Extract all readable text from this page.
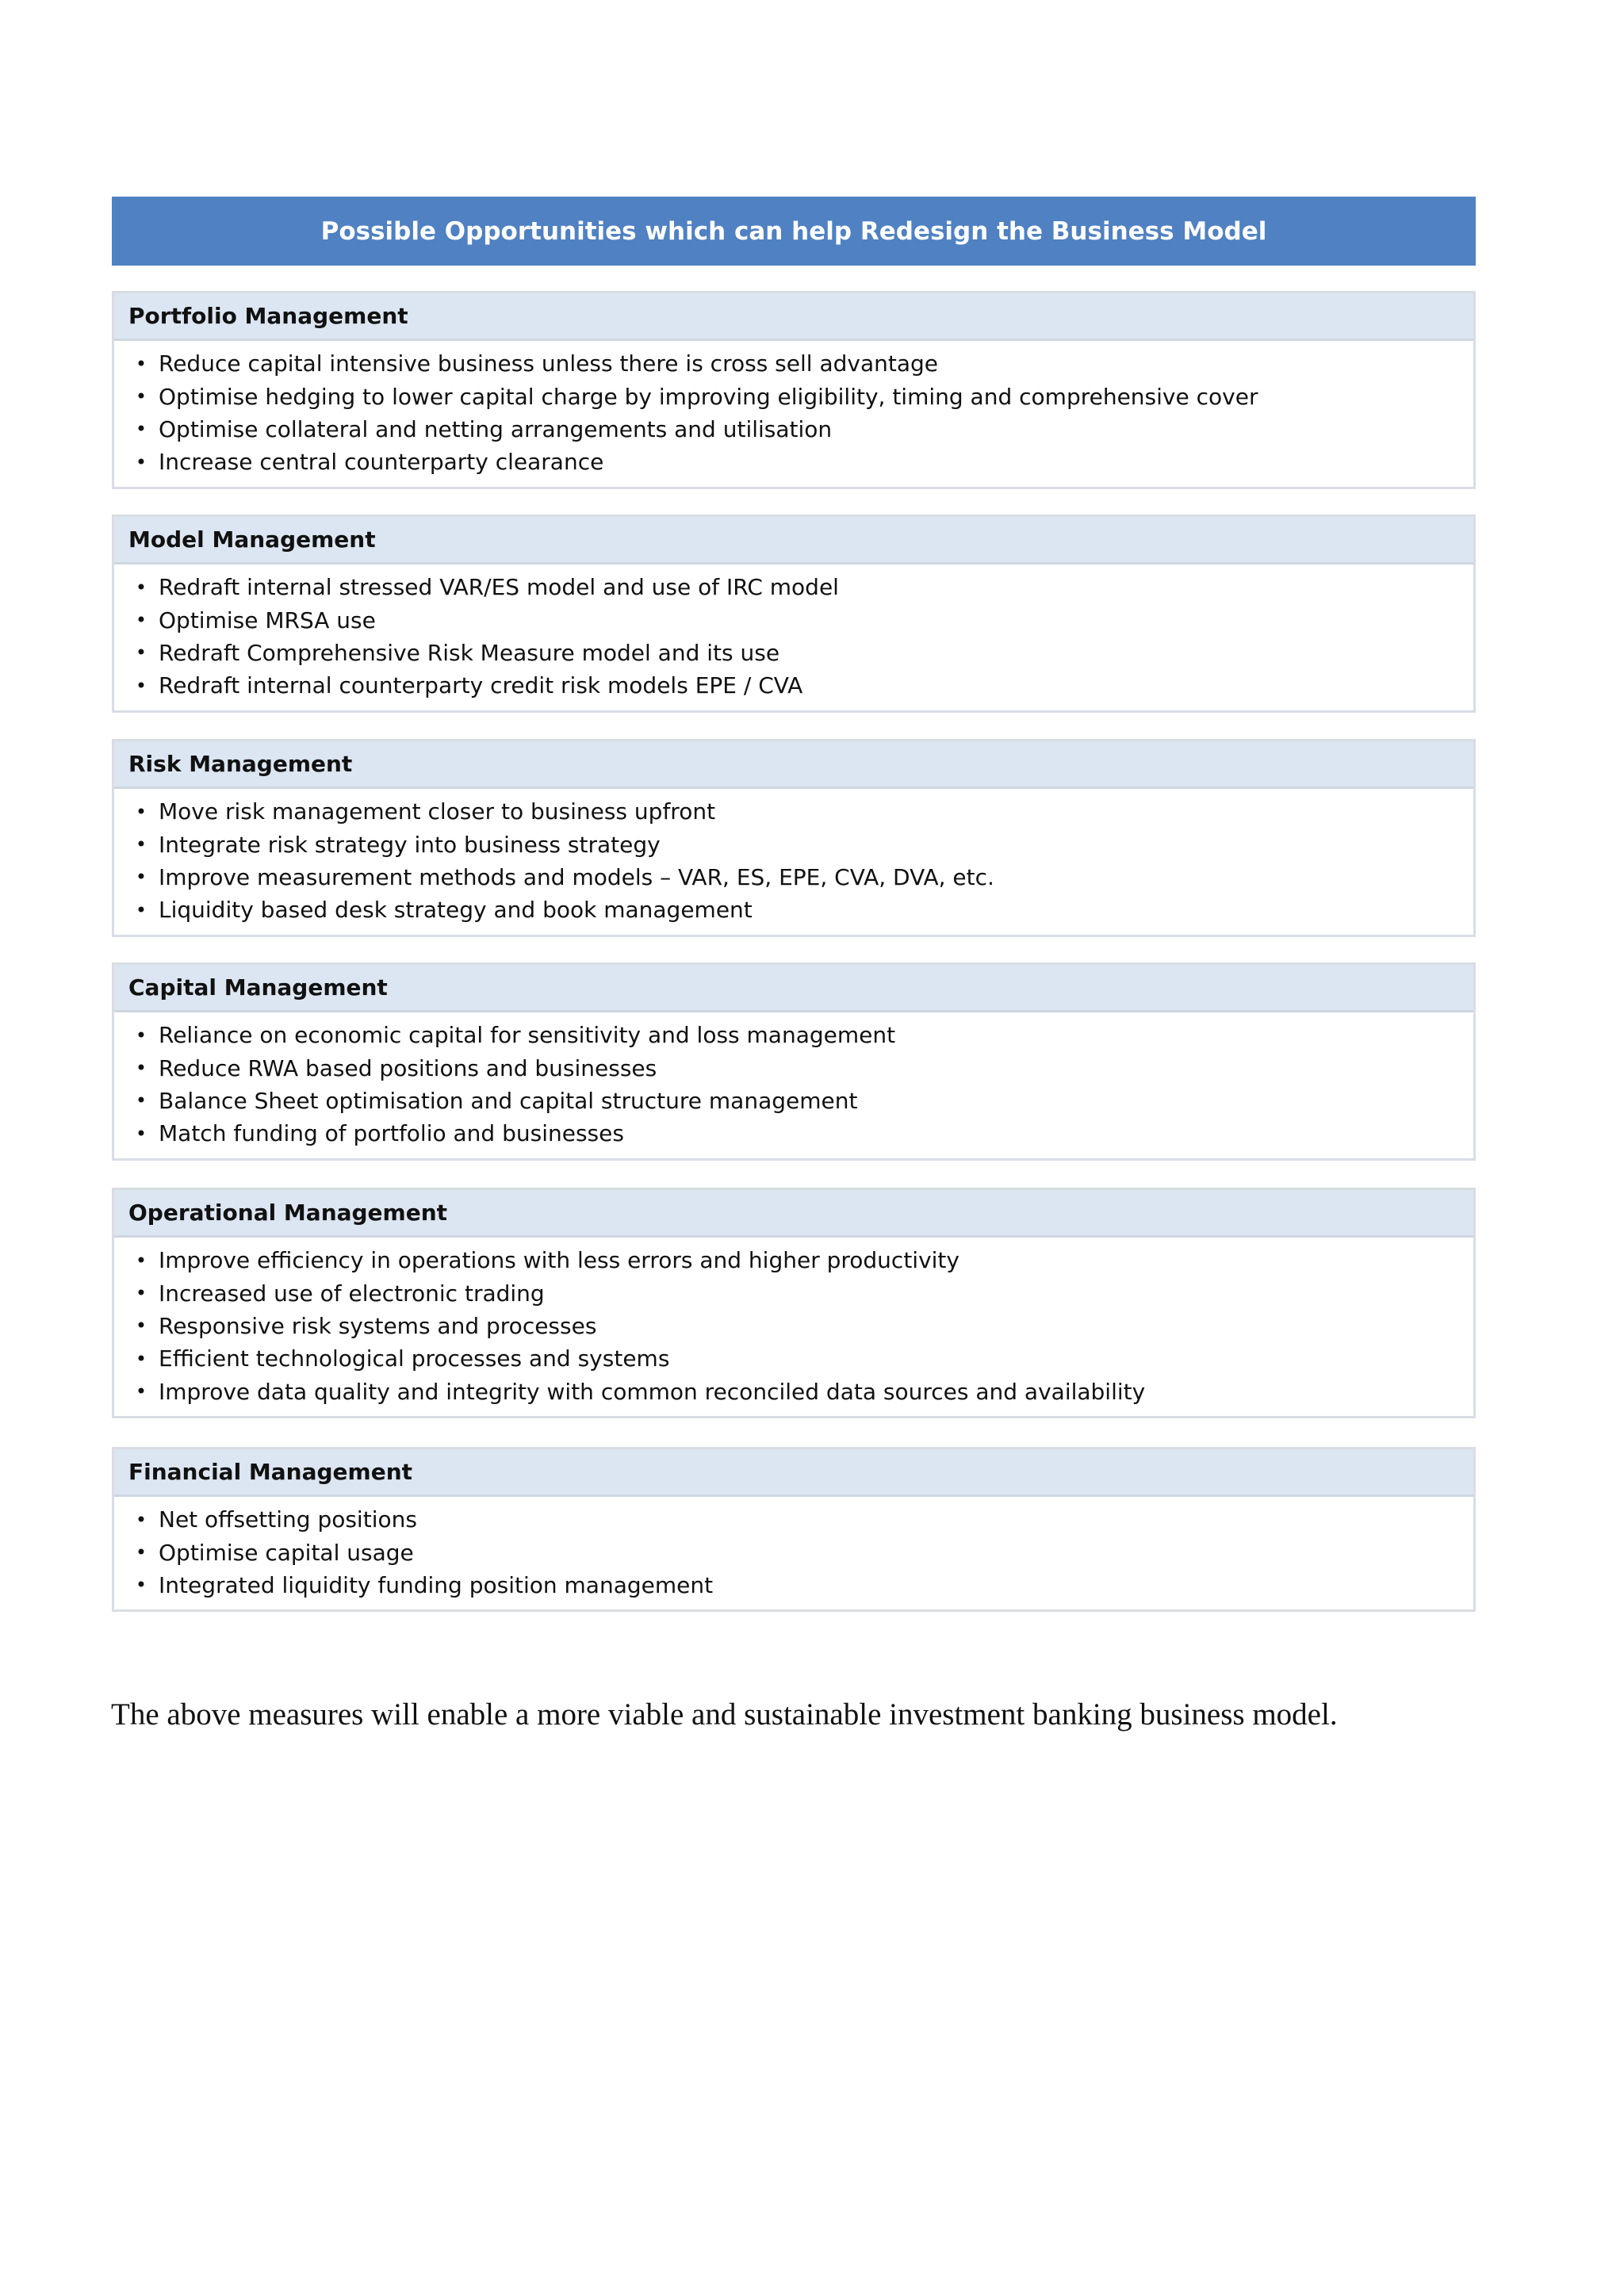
Possible Opportunities which can help Redesign the Business Model
Portfolio Management
• Reduce capital intensive business unless there is cross sell advantage
• Optimise hedging to lower capital charge by improving eligibility, timing and comprehensive cover
• Optimise collateral and netting arrangements and utilisation
• Increase central counterparty clearance
Model Management
• Redraft internal stressed VAR/ES model and use of IRC model
• Optimise MRSA use
• Redraft Comprehensive Risk Measure model and its use
• Redraft internal counterparty credit risk models EPE / CVA
Risk Management
• Move risk management closer to business upfront
• Integrate risk strategy into business strategy
• Improve measurement methods and models – VAR, ES, EPE, CVA, DVA, etc.
• Liquidity based desk strategy and book management
Capital Management
• Reliance on economic capital for sensitivity and loss management
• Reduce RWA based positions and businesses
• Balance Sheet optimisation and capital structure management
• Match funding of portfolio and businesses
Operational Management
• Improve efficiency in operations with less errors and higher productivity
• Increased use of electronic trading
• Responsive risk systems and processes
• Efficient technological processes and systems
• Improve data quality and integrity with common reconciled data sources and availability
Financial Management
• Net offsetting positions
• Optimise capital usage
• Integrated liquidity funding position management
The above measures will enable a more viable and sustainable investment banking business model.
